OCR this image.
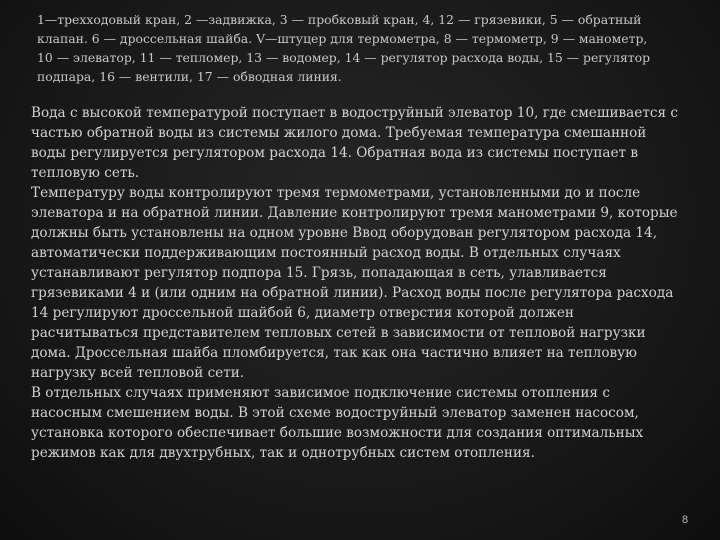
1—трехходовый кран, 2 —задвижка, 3 — пробковый кран, 4, 12 — грязевики, 5 — обратный клапан. 6 — дроссельная шайба. V—штуцер для термометра, 8 — термометр, 9 — манометр, 10 — элеватор, 11 — тепломер, 13 — водомер, 14 — регулятор расхода воды, 15 — регулятор подпара, 16 — вентили, 17 — обводная линия.

Вода с высокой температурой поступает в водоструйный элеватор 10, где смешивается с частью обратной воды из системы жилого дома. Требуемая температура смешанной воды регулируется регулятором расхода 14. Обратная вода из системы поступает в тепловую сеть.

Температуру воды контролируют тремя термометрами, установленными до и после элеватора и на обратной линии. Давление контролируют тремя манометрами 9, которые должны быть установлены на одном уровне Ввод оборудован регулятором расхода 14, автоматически поддерживающим постоянный расход воды. В отдельных случаях устанавливают регулятор подпора 15. Грязь, попадающая в сеть, улавливается грязевиками 4 и (или одним на обратной линии). Расход воды после регулятора расхода 14 регулируют дроссельной шайбой 6, диаметр отверстия которой должен расчитываться представителем тепловых сетей в зависимости от тепловой нагрузки дома. Дроссельная шайба пломбируется, так как она частично влияет на тепловую нагрузку всей тепловой сети.

В отдельных случаях применяют зависимое подключение системы отопления с насосным смешением воды. В этой схеме водоструйный элеватор заменен насосом, установка которого обеспечивает большие возможности для создания оптимальных режимов как для двухтрубных, так и однотрубных систем отопления.

8
